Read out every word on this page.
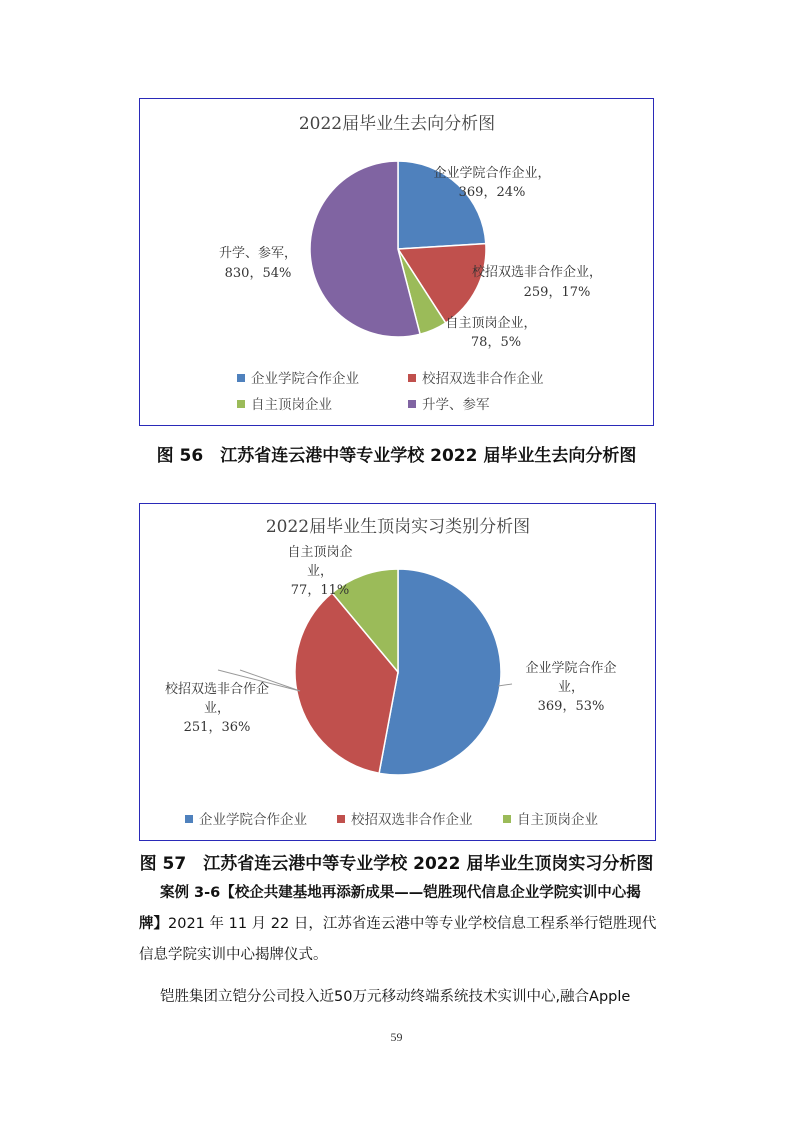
2022届毕业生去向分析图
企业学院合作企业，
369，24%
校招双选非合作企业，
259，17%
自主顶岗企业，
78，5%
升学、参军，
830，54%
企业学院合作企业	校招双选非合作企业
自主顶岗企业	升学、参军
图 56　江苏省连云港中等专业学校 2022 届毕业生去向分析图
2022届毕业生顶岗实习类别分析图
自主顶岗企
业，
77，11%
企业学院合作企
业，
369，53%
校招双选非合作企
业，
251，36%
企业学院合作企业	校招双选非合作企业	自主顶岗企业
图 57　江苏省连云港中等专业学校 2022 届毕业生顶岗实习分析图
案例 3-6【校企共建基地再添新成果——铠胜现代信息企业学院实训中心揭
牌】2021 年 11 月 22 日，江苏省连云港中等专业学校信息工程系举行铠胜现代
信息学院实训中心揭牌仪式。
铠胜集团立铠分公司投入近50万元移动终端系统技术实训中心,融合Apple
59
